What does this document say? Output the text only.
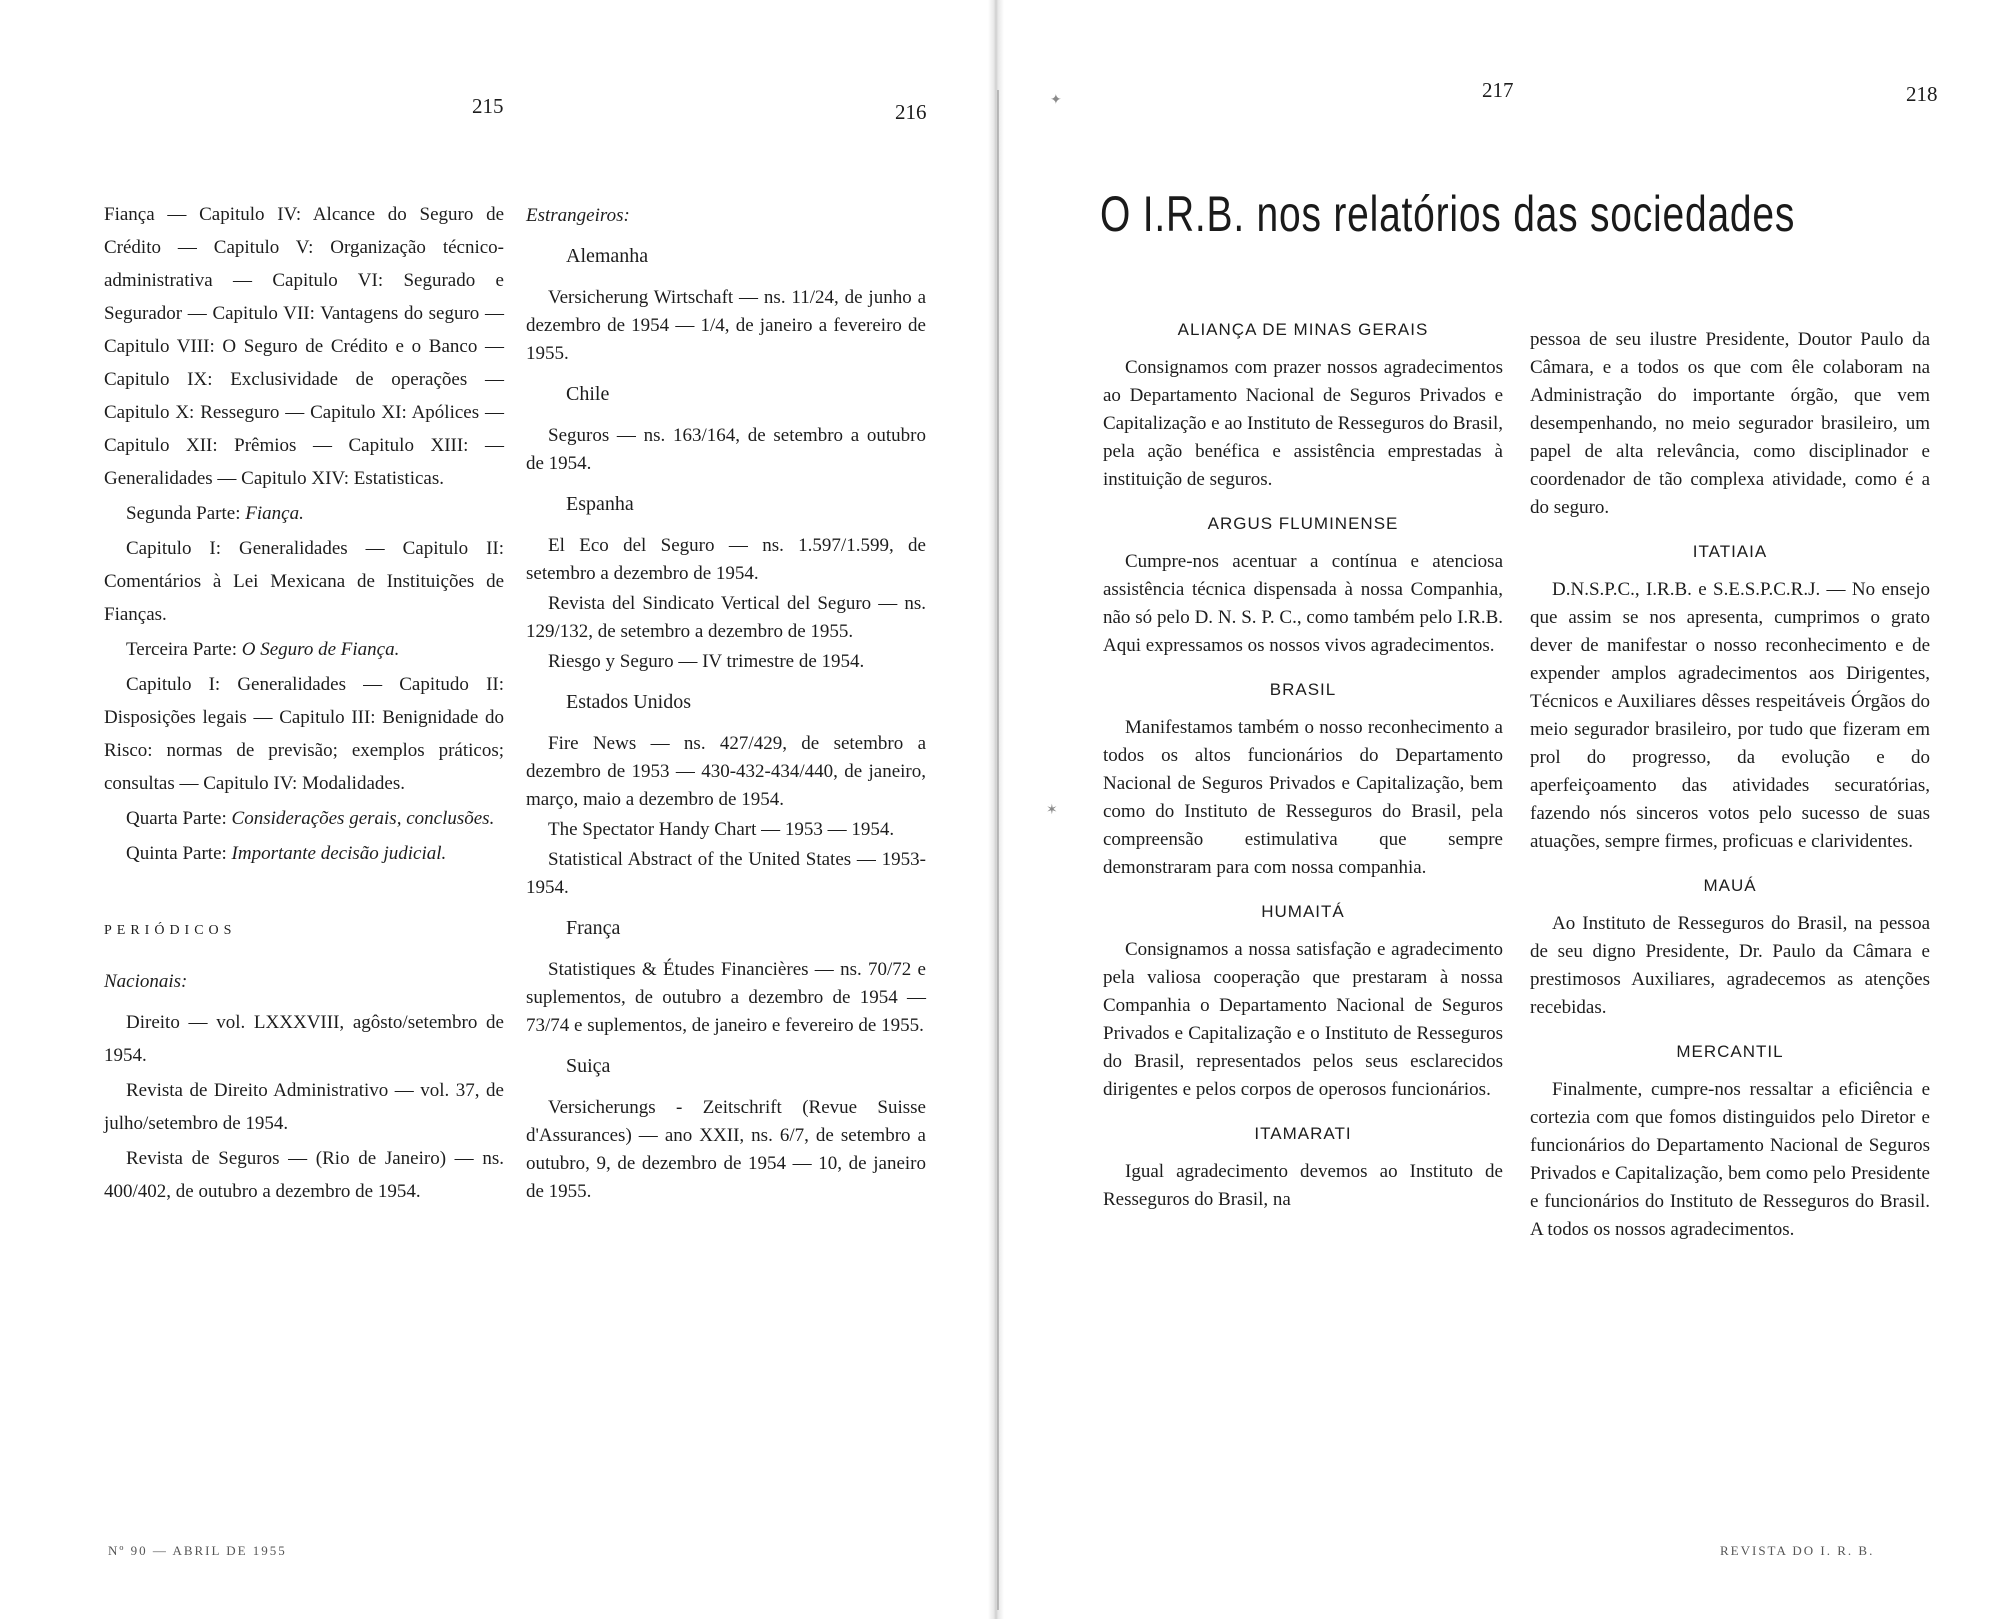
215	216
217	218

Fiança — Capitulo IV: Alcance do Seguro de Crédito — Capitulo V: Organização técnico-administrativa — Capitulo VI: Segurado e Segurador — Capitulo VII: Vantagens do seguro — Capitulo VIII: O Seguro de Crédito e o Banco — Capitulo IX: Exclusividade de operações — Capitulo X: Resseguro — Capitulo XI: Apólices — Capitulo XII: Prêmios — Capitulo XIII: — Generalidades — Capitulo XIV: Estatisticas.

Segunda Parte: Fiança.

Capitulo I: Generalidades — Capitulo II: Comentários à Lei Mexicana de Instituições de Fianças.

Terceira Parte: O Seguro de Fiança.

Capitulo I: Generalidades — Capitudo II: Disposições legais — Capitulo III: Benignidade do Risco: normas de previsão; exemplos práticos; consultas — Capitulo IV: Modalidades.

Quarta Parte: Considerações gerais, conclusões.

Quinta Parte: Importante decisão judicial.

PERIÓDICOS

Nacionais:

Direito — vol. LXXXVIII, agôsto/setembro de 1954.

Revista de Direito Administrativo — vol. 37, de julho/setembro de 1954.

Revista de Seguros — (Rio de Janeiro) — ns. 400/402, de outubro a dezembro de 1954.

Estrangeiros:

Alemanha

Versicherung Wirtschaft — ns. 11/24, de junho a dezembro de 1954 — 1/4, de janeiro a fevereiro de 1955.

Chile

Seguros — ns. 163/164, de setembro a outubro de 1954.

Espanha

El Eco del Seguro — ns. 1.597/1.599, de setembro a dezembro de 1954.

Revista del Sindicato Vertical del Seguro — ns. 129/132, de setembro a dezembro de 1955.

Riesgo y Seguro — IV trimestre de 1954.

Estados Unidos

Fire News — ns. 427/429, de setembro a dezembro de 1953 — 430-432-434/440, de janeiro, março, maio a dezembro de 1954.

The Spectator Handy Chart — 1953 — 1954.

Statistical Abstract of the United States — 1953-1954.

França

Statistiques & Études Financières — ns. 70/72 e suplementos, de outubro a dezembro de 1954 — 73/74 e suplementos, de janeiro e fevereiro de 1955.

Suiça

Versicherungs - Zeitschrift (Revue Suisse d'Assurances) — ano XXII, ns. 6/7, de setembro a outubro, 9, de dezembro de 1954 — 10, de janeiro de 1955.

O I.R.B. nos relatórios das sociedades

ALIANÇA DE MINAS GERAIS

Consignamos com prazer nossos agradecimentos ao Departamento Nacional de Seguros Privados e Capitalização e ao Instituto de Resseguros do Brasil, pela ação benéfica e assistência emprestadas à instituição de seguros.

ARGUS FLUMINENSE

Cumpre-nos acentuar a contínua e atenciosa assistência técnica dispensada à nossa Companhia, não só pelo D. N. S. P. C., como também pelo I.R.B. Aqui expressamos os nossos vivos agradecimentos.

BRASIL

Manifestamos também o nosso reconhecimento a todos os altos funcionários do Departamento Nacional de Seguros Privados e Capitalização, bem como do Instituto de Resseguros do Brasil, pela compreensão estimulativa que sempre demonstraram para com nossa companhia.

HUMAITÁ

Consignamos a nossa satisfação e agradecimento pela valiosa cooperação que prestaram à nossa Companhia o Departamento Nacional de Seguros Privados e Capitalização e o Instituto de Resseguros do Brasil, representados pelos seus esclarecidos dirigentes e pelos corpos de operosos funcionários.

ITAMARATI

Igual agradecimento devemos ao Instituto de Resseguros do Brasil, na

pessoa de seu ilustre Presidente, Doutor Paulo da Câmara, e a todos os que com êle colaboram na Administração do importante órgão, que vem desempenhando, no meio segurador brasileiro, um papel de alta relevância, como disciplinador e coordenador de tão complexa atividade, como é a do seguro.

ITATIAIA

D.N.S.P.C., I.R.B. e S.E.S.P.C.R.J. — No ensejo que assim se nos apresenta, cumprimos o grato dever de manifestar o nosso reconhecimento e de expender amplos agradecimentos aos Dirigentes, Técnicos e Auxiliares dêsses respeitáveis Órgãos do meio segurador brasileiro, por tudo que fizeram em prol do progresso, da evolução e do aperfeiçoamento das atividades securatórias, fazendo nós sinceros votos pelo sucesso de suas atuações, sempre firmes, proficuas e clarividentes.

MAUÁ

Ao Instituto de Resseguros do Brasil, na pessoa de seu digno Presidente, Dr. Paulo da Câmara e prestimosos Auxiliares, agradecemos as atenções recebidas.

MERCANTIL

Finalmente, cumpre-nos ressaltar a eficiência e cortezia com que fomos distinguidos pelo Diretor e funcionários do Departamento Nacional de Seguros Privados e Capitalização, bem como pelo Presidente e funcionários do Instituto de Resseguros do Brasil. A todos os nossos agradecimentos.

Nº 90 — ABRIL DE 1955	REVISTA DO I. R. B.
✦
✶
